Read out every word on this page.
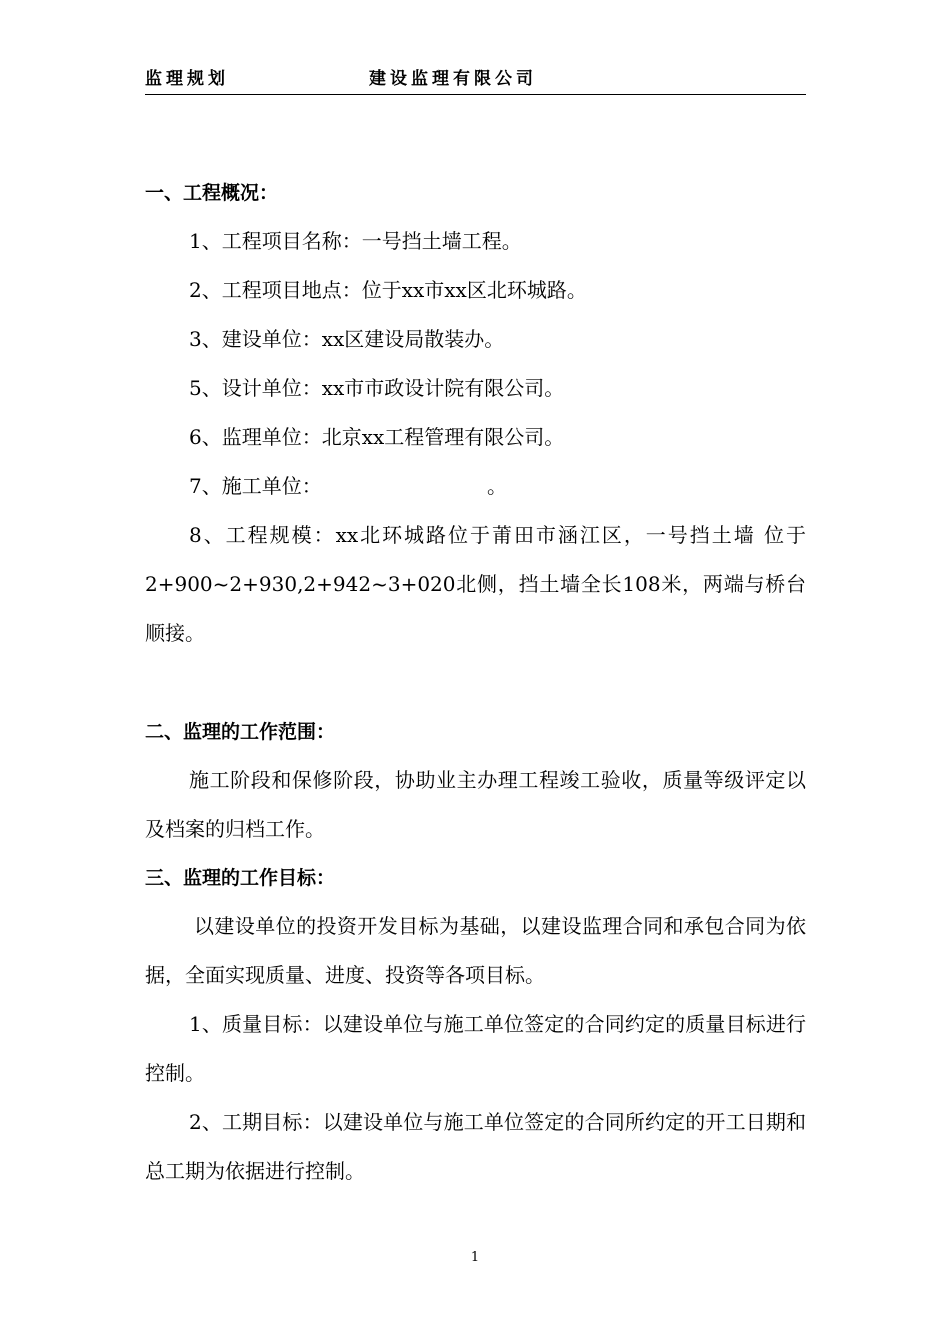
监理规划	建设监理有限公司
一、工程概况：

1、工程项目名称：一号挡土墙工程。

2、工程项目地点：位于xx市xx区北环城路。

3、建设单位：xx区建设局散装办。

5、设计单位：xx市市政设计院有限公司。

6、监理单位：北京xx工程管理有限公司。

7、施工单位：                          。

8、工程规模：xx北环城路位于莆田市涵江区，一号挡土墙 位于2+900~2+930,2+942~3+020北侧，挡土墙全长108米，两端与桥台顺接。

二、监理的工作范围：

施工阶段和保修阶段，协助业主办理工程竣工验收，质量等级评定以及档案的归档工作。

三、监理的工作目标：

以建设单位的投资开发目标为基础，以建设监理合同和承包合同为依据，全面实现质量、进度、投资等各项目标。

1、质量目标：以建设单位与施工单位签定的合同约定的质量目标进行控制。

2、工期目标：以建设单位与施工单位签定的合同所约定的开工日期和总工期为依据进行控制。

1
